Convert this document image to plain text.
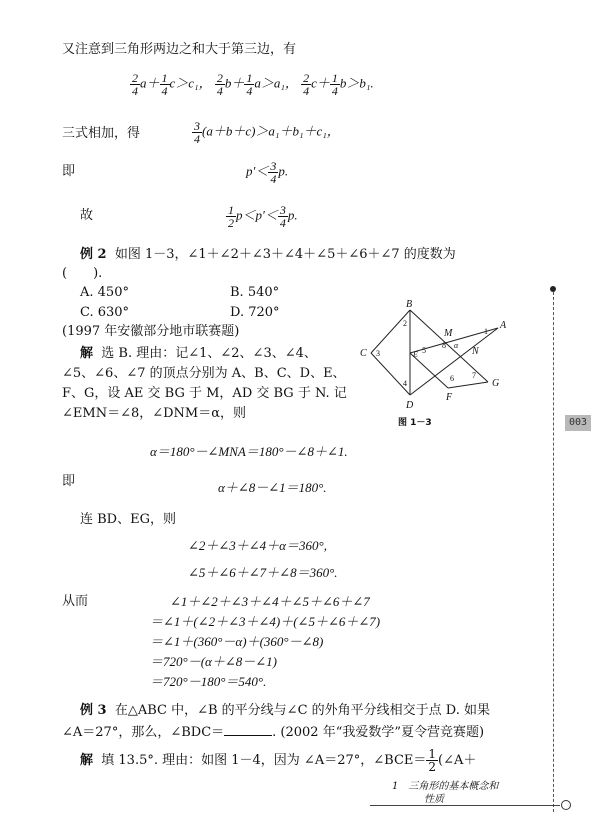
又注意到三角形两边之和大于第三边，有
$\frac{2}{4} a+ \frac{1}{4} c>c_1$， $\frac{2}{4} b+ \frac{1}{4} a>a_1$， $\frac{2}{4} c+ \frac{1}{4} b>b_1$.
三式相加，得	$\frac{3}{4} (a+b+c)>a_1+b_1+c_1$，
即	$p'< \frac{3}{4} p$.
故	$\frac{1}{2} p<p'< \frac{3}{4} p$.
例 2 如图 1－3，∠1＋∠2＋∠3＋∠4＋∠5＋∠6＋∠7 的度数为
(　　).
A. 450°	B. 540°
C. 630°	D. 720°
(1997 年安徽部分地市联赛题)
解 选 B. 理由：记∠1、∠2、∠3、∠4、
∠5、∠6、∠7 的顶点分别为 A、B、C、D、E、
F、G，设 AE 交 BG 于 M，AD 交 BG 于 N. 记
∠EMN＝∠8，∠DNM＝α，则
α＝180°－∠MNA＝180°－∠8＋∠1.
即	α＋∠8－∠1＝180°.
连 BD、EG，则
∠2＋∠3＋∠4＋α＝360°,
∠5＋∠6＋∠7＋∠8＝360°.
从而	∠1＋∠2＋∠3＋∠4＋∠5＋∠6＋∠7
＝∠1＋(∠2＋∠3＋∠4)＋(∠5＋∠6＋∠7)
＝∠1＋(360°－α)＋(360°－∠8)
＝720°－(α＋∠8－∠1)
＝720°－180°＝540°.
例 3 在△ABC 中，∠B 的平分线与∠C 的外角平分线相交于点 D. 如果
∠A＝27°，那么，∠BDC＝	. (2002 年“我爱数学”夏令营竞赛题)
解 填 13.5°. 理由：如图 1－4，因为 ∠A＝27°，∠BCE＝ $\frac{1}{2}$ (∠A＋
B
C
D
E
F
G
A
M
N
2
3
4
5
6 7
8 α
1
图 1－3	003
1　三角形的基本概念和
性质
